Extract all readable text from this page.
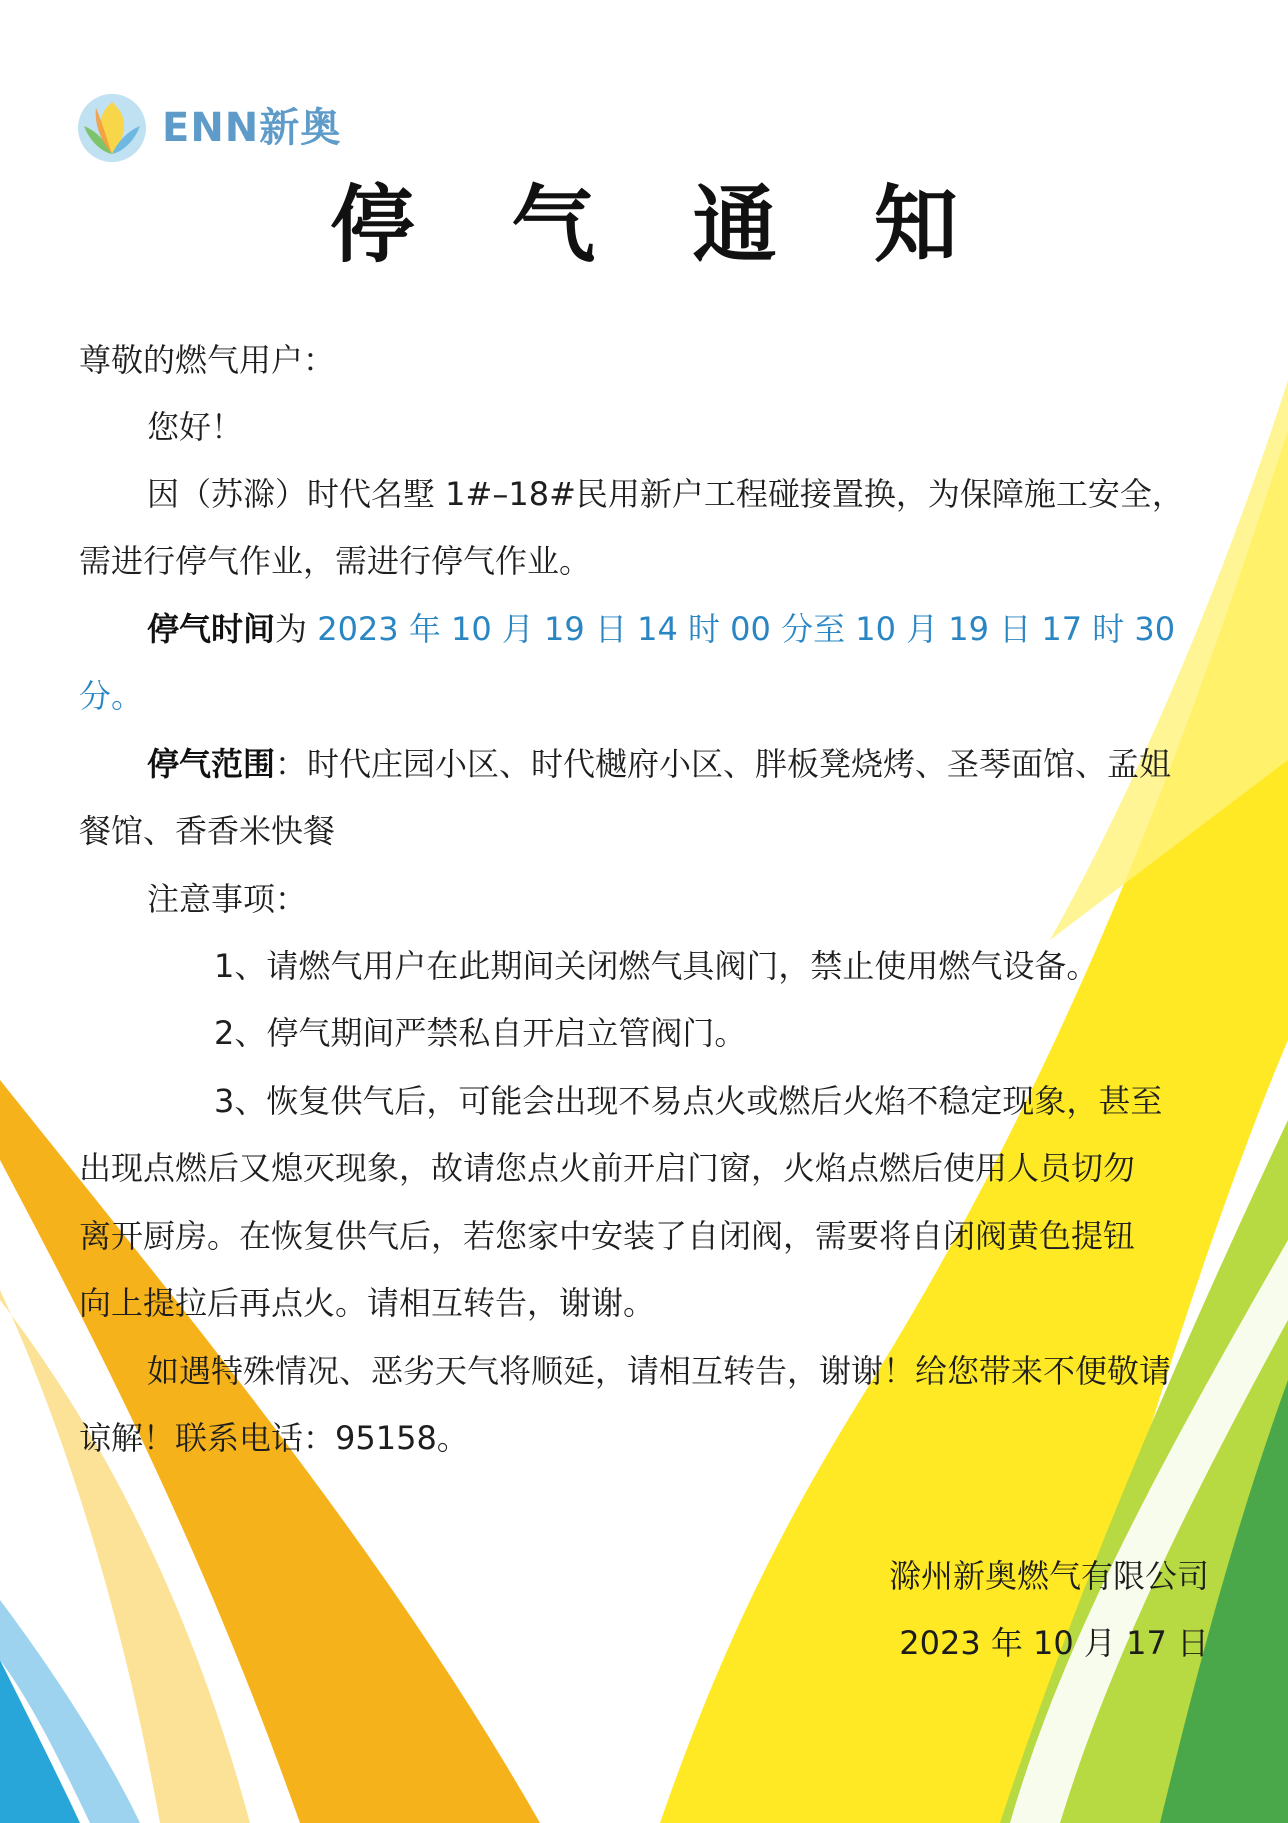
ENN新奥
停 气 通 知
尊敬的燃气用户：
您好！
因（苏滁）时代名墅 1#–18#民用新户工程碰接置换，为保障施工安全，
需进行停气作业，需进行停气作业。
停气时间为 2023 年 10 月 19 日 14 时 00 分至 10 月 19 日 17 时 30
分。
停气范围：时代庄园小区、时代樾府小区、胖板凳烧烤、圣琴面馆、孟姐
餐馆、香香米快餐
注意事项：
1、请燃气用户在此期间关闭燃气具阀门，禁止使用燃气设备。
2、停气期间严禁私自开启立管阀门。
3、恢复供气后，可能会出现不易点火或燃后火焰不稳定现象，甚至
出现点燃后又熄灭现象，故请您点火前开启门窗，火焰点燃后使用人员切勿
离开厨房。在恢复供气后，若您家中安装了自闭阀，需要将自闭阀黄色提钮
向上提拉后再点火。请相互转告，谢谢。
如遇特殊情况、恶劣天气将顺延，请相互转告，谢谢！给您带来不便敬请
谅解！联系电话：95158。
滁州新奥燃气有限公司
2023 年 10 月 17 日
